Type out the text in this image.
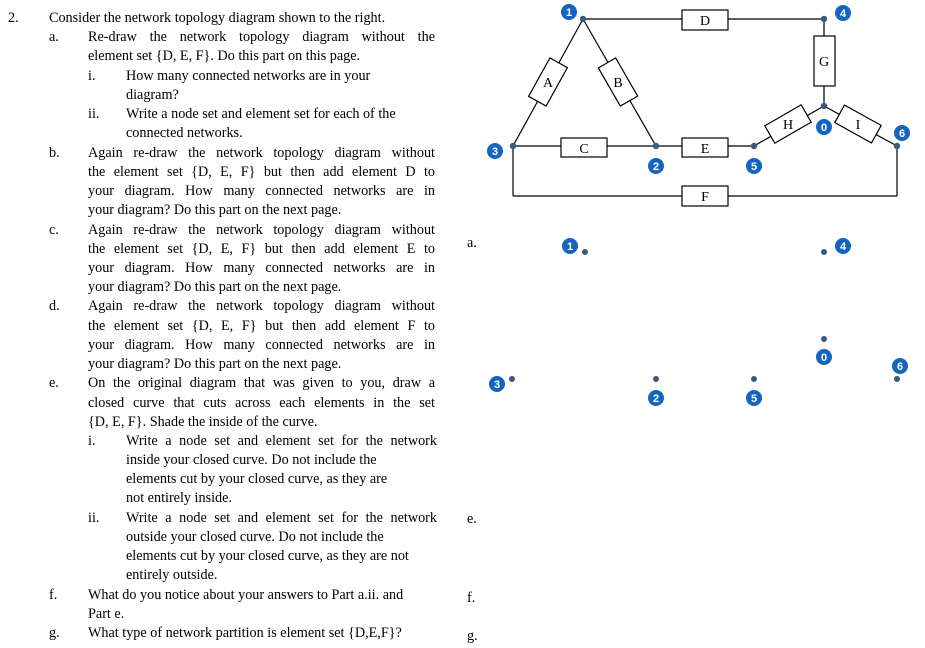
2. Consider the network topology diagram shown to the right.
a. Re-draw the network topology diagram without the
element set {D, E, F}. Do this part on this page.
i. How many connected networks are in your
diagram?
ii. Write a node set and element set for each of the
connected networks.
b. Again re-draw the network topology diagram without
the element set {D, E, F} but then add element D to
your diagram. How many connected networks are in
your diagram? Do this part on the next page.
c. Again re-draw the network topology diagram without
the element set {D, E, F} but then add element E to
your diagram. How many connected networks are in
your diagram? Do this part on the next page.
d. Again re-draw the network topology diagram without
the element set {D, E, F} but then add element F to
your diagram. How many connected networks are in
your diagram? Do this part on the next page.
e. On the original diagram that was given to you, draw a
closed curve that cuts across each elements in the set
{D, E, F}. Shade the inside of the curve.
i. Write a node set and element set for the network
inside your closed curve. Do not include the
elements cut by your closed curve, as they are
not entirely inside.
ii. Write a node set and element set for the network
outside your closed curve. Do not include the
elements cut by your closed curve, as they are not
entirely outside.
f. What do you notice about your answers to Part a.ii. and
Part e.
g. What type of network partition is element set {D,E,F}?
a.
e.
f.
g.
A	B
C
D
E
F
G
H	I
1	4
3
2	5
0	6
1	4
0
6
3
2	5
